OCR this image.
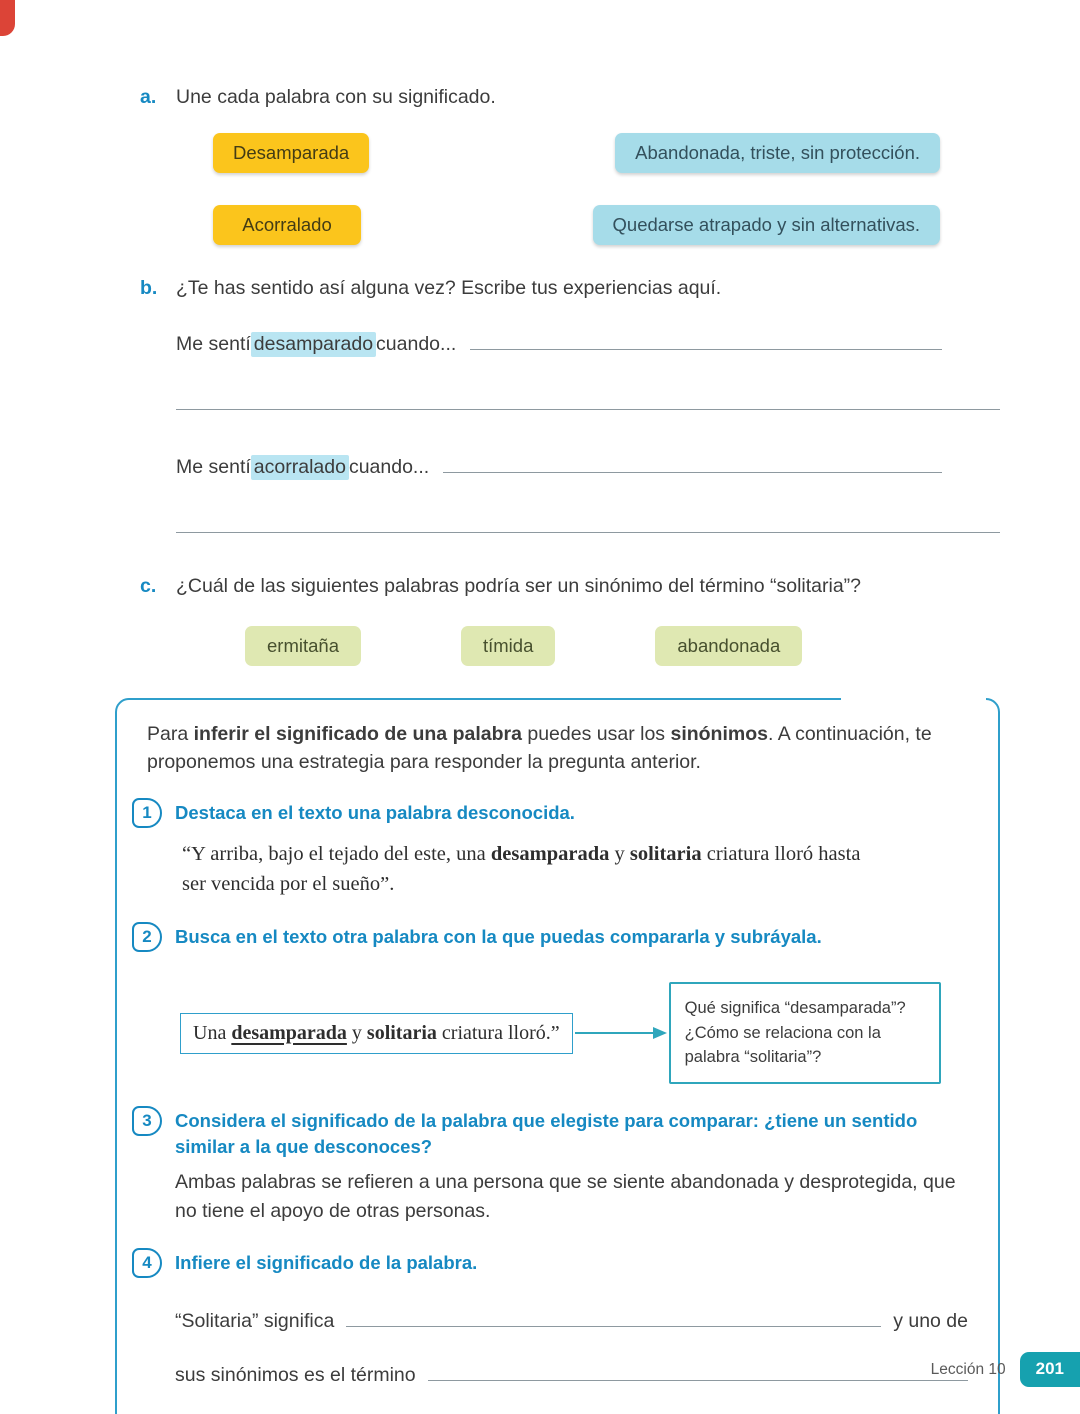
a.	Une cada palabra con su significado.
Desamparada	Abandonada, triste, sin protección.
Acorralado	Quedarse atrapado y sin alternativas.
b. ¿Te has sentido así alguna vez? Escribe tus experiencias aquí.
Me sentí desamparado cuando...
Me sentí acorralado cuando...
c.	¿Cuál de las siguientes palabras podría ser un sinónimo del término “solitaria”?
ermitaña	tímida	abandonada

Para inferir el significado de una palabra puedes usar los sinónimos. A continuación, te proponemos una estrategia para responder la pregunta anterior.

1	Destaca en el texto una palabra desconocida.

“Y arriba, bajo el tejado del este, una desamparada y solitaria criatura lloró hasta ser vencida por el sueño”.

2	Busca en el texto otra palabra con la que puedas compararla y subráyala.
Una desamparada y solitaria criatura lloró.”
Qué significa “desamparada”? ¿Cómo se relaciona con la palabra “solitaria”?
3	Considera el significado de la palabra que elegiste para comparar: ¿tiene un sentido similar a la que desconoces?

Ambas palabras se refieren a una persona que se siente abandonada y desprotegida, que no tiene el apoyo de otras personas.

4	Infiere el significado de la palabra.
“Solitaria” significa	y uno de
sus sinónimos es el término	Lección 10	201
